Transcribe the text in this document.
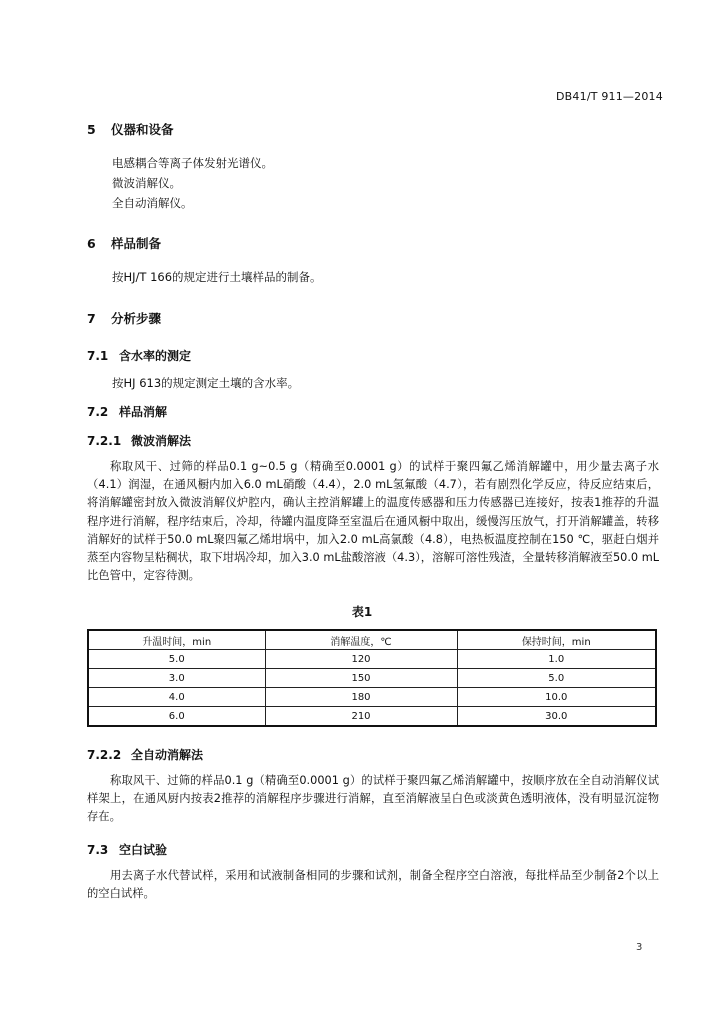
DB41/T 911—2014
5 仪器和设备
电感耦合等离子体发射光谱仪。
微波消解仪。
全自动消解仪。
6 样品制备
按HJ/T 166的规定进行土壤样品的制备。
7 分析步骤
7.1 含水率的测定
按HJ 613的规定测定土壤的含水率。
7.2 样品消解
7.2.1 微波消解法
称取风干、过筛的样品0.1 g~0.5 g（精确至0.0001 g）的试样于聚四氟乙烯消解罐中，用少量去离子水（4.1）润湿，在通风橱内加入6.0 mL硝酸（4.4），2.0 mL氢氟酸（4.7），若有剧烈化学反应，待反应结束后，将消解罐密封放入微波消解仪炉腔内，确认主控消解罐上的温度传感器和压力传感器已连接好，按表1推荐的升温程序进行消解，程序结束后，冷却，待罐内温度降至室温后在通风橱中取出，缓慢泻压放气，打开消解罐盖，转移消解好的试样于50.0 mL聚四氟乙烯坩埚中，加入2.0 mL高氯酸（4.8），电热板温度控制在150 ℃，驱赶白烟并蒸至内容物呈粘稠状，取下坩埚冷却，加入3.0 mL盐酸溶液（4.3），溶解可溶性残渣，全量转移消解液至50.0 mL比色管中，定容待测。
表1
升温时间，min	消解温度，℃	保持时间，min
5.0	120	1.0
3.0	150	5.0
4.0	180	10.0
6.0	210	30.0
7.2.2 全自动消解法
称取风干、过筛的样品0.1 g（精确至0.0001 g）的试样于聚四氟乙烯消解罐中，按顺序放在全自动消解仪试样架上，在通风厨内按表2推荐的消解程序步骤进行消解，直至消解液呈白色或淡黄色透明液体，没有明显沉淀物存在。
7.3 空白试验
用去离子水代替试样，采用和试液制备相同的步骤和试剂，制备全程序空白溶液，每批样品至少制备2个以上的空白试样。
3
